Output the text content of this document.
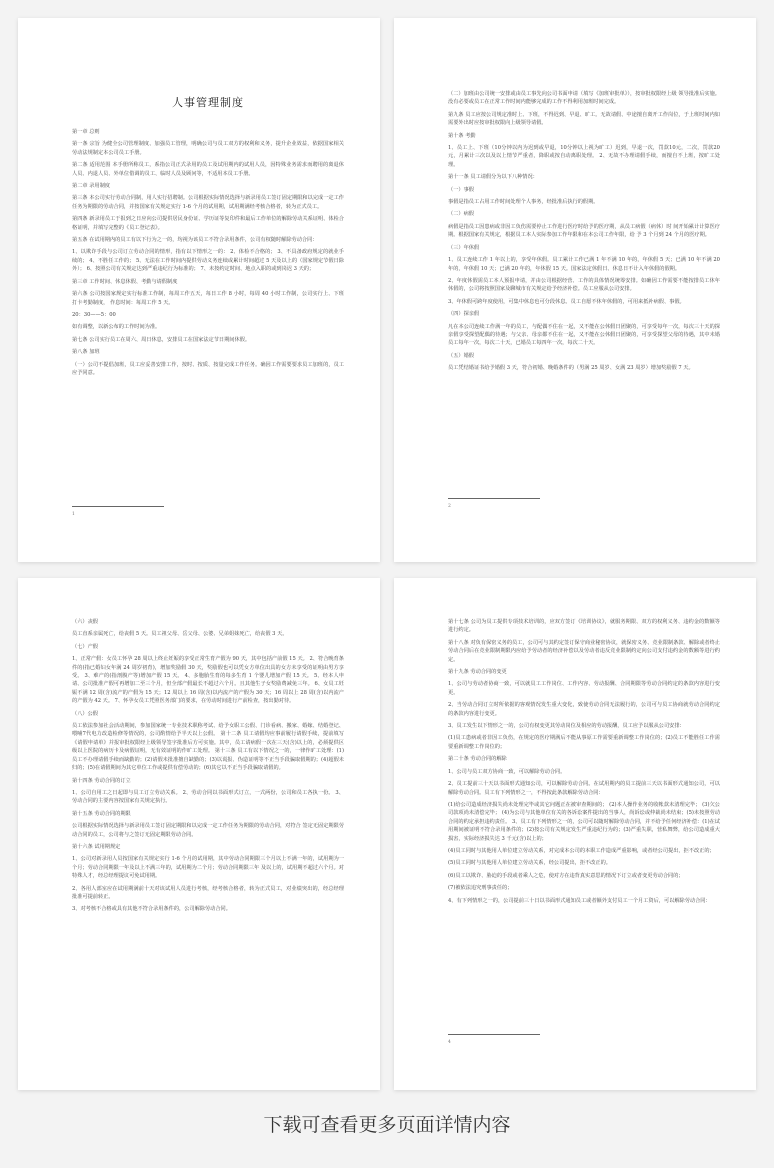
人事管理制度
第一章 总则
第一条 宗旨 为健全公司管理制度、加强员工管理，明确公司与员工双方的权利和义务，提升企业效益，依据国家相关劳动法规制定本公司员工手册。
第二条 适用范围 本手册所称员工，系指公司正式录用的员工及试用期内的试用人员，因特殊业务需求而聘用的离退休人员、内退人员、外单位借调的员工、临时人员及顾问等，不适用本员工手册。
第二章 录用制度
第三条 本公司实行劳动合同制，用人实行招聘制。公司根据实际情况选择与新录用员工签订固定期限和以完成一定工作任务为期限的劳动合同，并按国家有关规定实行 1-6 个月的试用期，试用期满经考核合格者，转为正式员工。
第四条 新录用员工于报到之日应向公司提供居民身份证、学历证等复印件和最后工作单位的解除劳动关系证明、体检合格证明，并填写完整的《员工登记表》。
第五条 在试用期内的员工有以下行为之一的，均视为该员工不符合录用条件，公司有权随时解除劳动合同：
1、以欺诈手段与公司订立劳动合同的情形，指有以下情形之一的： 2、体检不合格的； 3、不具备政府规定的就业手续的； 4、不胜任工作的； 5、无法在工作时间内提供劳动义务连续或累计时间超过 5 天及以上的（国家规定节假日除外）； 6、按照公司有关规定达到严重违纪行为标准的； 7、未按约定时间、地点入职的或到岗迟 3 天的；
第三章 工作时间、休息休假、考勤与请假制度
第六条 公司按国家规定实行标准工作制，每周工作五天，每日工作 8 小时，每周 40 小时工作制，公司实行上、下班打卡考勤制度， 作息时间：每周工作 5 天。
20：30——5：00
如有调整，以新公布的工作时间为准。
第七条 公司实行员工在周六、周日休息，安排员工在国家法定节日期间休假。
第八条 加班
（一）公司不提倡加班，员工应妥善安排工作，按时、按质、按量完成工作任务。确因工作需要要求员工加班的，员工应予同意。
1
（二）加班由公司统一安排或由员工事先向公司书面申请（填写《加班审批单》），按审批权限经上级 领导批准后实施。没有必要或员工在正常工作时间内能够完成的工作不得利用加班时间完成。
第九条 员工应按公司规定准时上、下班，不得迟到、早退、旷工。无故请假、中途擅自离开工作岗位，于上班时间内如需要外出时应按审批权限向上级领导请假。
第十条 考勤
1、员工上、下班（10分钟以内为迟到或早退，10分钟以上视为旷工）迟到，早退一次，罚款10元，二次，罚款20元，月累计三次以及以上情节严重者，降职或按自动离职处理。 2、无故不办理请假手续，而擅自不上班，按旷工处理。
第十一条 员工请假分为以下八种情况：
（一）事假
事假是指员工占用工作时间处理个人事务，经批准后执行的假期。
（二）病假
病假是指员工因患病或非因工负伤需要停止工作进行医疗时给予的医疗期，从员工病假（病休）时 间开始累计计算医疗期。根据国家有关规定，根据员工本人实际参加工作年限和在本公司工作年限，给 予 3 个月到 24 个月的医疗期。
（三）年休假
1、员工连续工作 1 年以上的，享受年休假。员工累计工作已满 1 年不满 10 年的，年休假 5 天；已满 10 年不满 20 年的，年休假 10 天；已满 20 年的，年休假 15 天。国家法定休假日、休息日不计入年休假的假期。
2、年度休假需员工本人预报申请，并由公司根据经营、工作的具体情况统筹安排。如确因工作需要不能按排员工休年休假的，公司将按照国家及聊城市有关规定给予经济补偿。员工应服从公司安排。
3、年休假可跨年度使用，可集中休息也可分段休息。员工自愿不休年休假的，可用来抵补病假、事假。
（四）探亲假
凡在本公司连续工作满一年的员工，与配偶不住在一起，又不能在公休假日团聚的，可享受每年一次，每次三十天的探亲假享受探望配偶的待遇；与父亲、母亲都不住在一起，又不能在公休假日团聚的，可享受探望父母的待遇，其中未婚员工每年一次，每次二十天，已婚员工每四年一次，每次二十天。
（五）婚假
员工凭结婚证书给予婚假 3 天，符合初婚、晚婚条件的（男满 25 周岁、女满 23 周岁）增加奖励假 7 天。
2
（六）丧假
员工直系亲属死亡，给丧假 5 天。员工祖父母、岳父母、公婆、兄弟姐妹死亡，给丧假 3 天。
（七）产假
1、正常产假：女员工怀孕 28 周以上终止妊娠的享受正常生育产假为 90 天，其中包括产前假 15 天。 2、符合晚育条件的(指已婚妇女年满 24 周岁初育)，增加奖励假 30 天，奖励假也可以凭女方单位出具的女方未享受的证明由男方享受。 3、难产的(指剖腹产等)增加产假 15 天。 4、多胞胎生育的每多生育 1 个婴儿增加产假 15 天。 5、经本人申请、公司批准产假可再增加二至三个月，但全部产假最长不超过六个月。且其他生子女奖励费减免三年。 6、女员工妊娠不满 12 周(含)流产的产假为 15 天；12 周以上 16 周(含)以内流产的产假为 30 天；16 周以上 28 周(含)以内流产的产假为 42 天。 7、怀孕女员工凭照医务部门的要求，在劳动时间进行产前检查，按出勤对待。
（八）公假
员工依法参加社会活动期间，参加国家统一专业技术职称考试、给予女职工公假、门诊看病、搬家、婚嫁、结婚登记、喂哺7代电力改造检修等情况的，公司酌情给予半天以上公假。 第十二条 员工请假均应事前履行请假手续，提前填写《请假申请单》并报审批权限经上级领导签字批准后方可实施。其中，员工请病假一次在三天(含)以上的，必须提供区级以上医院的病历卡及病假证明，无有效证明的作旷工处理。 第十三条 员工有以下情况之一的，一律作旷工处理：(1)员工不办理请假手续而缺勤的；(2)请假未批准擅自缺勤的；(3)以谎报、伪造证明等不正当手段骗取假期的；(4)超假未归的；(5)在请假期间为其它单位工作或提供有偿劳动的；(6)其它以不正当手段骗取请假的。
第十四条 劳动合同的订立
1、公司自用工之日起即与员工订立劳动关系。 2、劳动合同以书面形式订立，一式两份，公司和员工各执一份。 3、劳动合同的主要内容按国家有关规定执行。
第十五条 劳动合同的期限
公司根据实际情况选择与新录用员工签订固定期限和以完成一定工作任务为期限的劳动合同，对符合 签定无固定期限劳动合同的员工，公司将与之签订无固定期限劳动合同。
第十六条 试用期规定
1、公司对新录用人员按国家有关规定实行 1-6 个月的试用期，其中劳动合同期限三个月以上不满一年的，试用期为一个月；劳动合同期限一年及以上不满三年的，试用期为二个月；劳动合同期限三年 及以上的，试用期不超过六个月。对特殊人才，经总经理提议可免试用期。
2、各用人部室应在试用期满前十天对该试用人员进行考核，经考核合格者，转为正式员工，对业绩突出的，经总经理批准可提前转正。
3、对考核不合格或具有其他不符合录用条件的，公司解除劳动合同。
第十七条 公司为员工提供专项技术培训的，应双方签订《培训协议》，就服务期限、双方的权利义务、违约金的数额等进行约定。
第十八条 对负有保密义务的员工，公司可与其约定签订保守商业秘密协议，就保密义务、竞业限制条款、解除或者终止劳动合同后在竞业限制期限内应给予劳动者的经济补偿以及劳动者违反竞业限制约定向公司支付违约金的数额等进行约定。
第十九条 劳动合同的变更
1、公司与劳动者协商一致，可以就员工工作岗位、工作内容、劳动报酬、合同期限等劳动合同约定的条款内容进行变更。
2、当劳动合同订立时所依据的客观情况发生重大变化，致使劳动合同无法履行的，公司可与员工协商就劳动合同约定的条款内容进行变更。
3、员工发生以下情形之一的，公司有权变更其劳动岗位及相应的劳动报酬，员工应予以服从公司安排：
(1)员工患病或者非因工负伤，在规定的医疗期满后不能从事原工作需要重新调整工作岗位的；(2)员工不能胜任工作需要重新调整工作岗位的；
第二十条 劳动合同的解除
1、公司与员工双方协商一致，可以解除劳动合同。
2、员工提前三十天以书面形式通知公司，可以解除劳动合同。在试用期内的员工提前三天以书面形式通知公司，可以解除劳动合同。员工有下列情形之一，不得按此条款解除劳动合同：
(1)给公司造成经济损失尚未处理完毕或其它问题正在被审查期间的； (2)本人操作业务的收帐款未清理完毕； (3)欠公司款项尚未清偿完毕； (4)为公司与其他单位有关的各诉讼案件提出的当事人，尚诉讼或仲裁尚未结束；(5)未按照劳动合同的约定承担违约责任。 3、员工有下列情形之一的，公司可以随时解除劳动合同，并不给予任何经济补偿：(1)在试用期间被证明不符合录用条件的；(2)按公司有关规定发生严重违纪行为的；(3)严重失职，营私舞弊，给公司造成重大损害，实际经济损失达 3 千元(含)以上的；
(4)员工同时与其他用人单位建立劳动关系，对完成本公司的本职工作造成严重影响，或者经公司提出，拒不改正的；
(5)员工同时与其他用人单位建立劳动关系，经公司提出，拒不改正的。
(6)员工以欺诈、胁迫的手段或者乘人之危，使对方在违背真实意思的情况下订立或者变更劳动合同的；
(7)被依法追究刑事责任的；
4、有下列情形之一的，公司提前三十日以书面形式通知员工或者额外支付员工一个月工资后，可以解除劳动合同：
4
下载可查看更多页面详情内容
